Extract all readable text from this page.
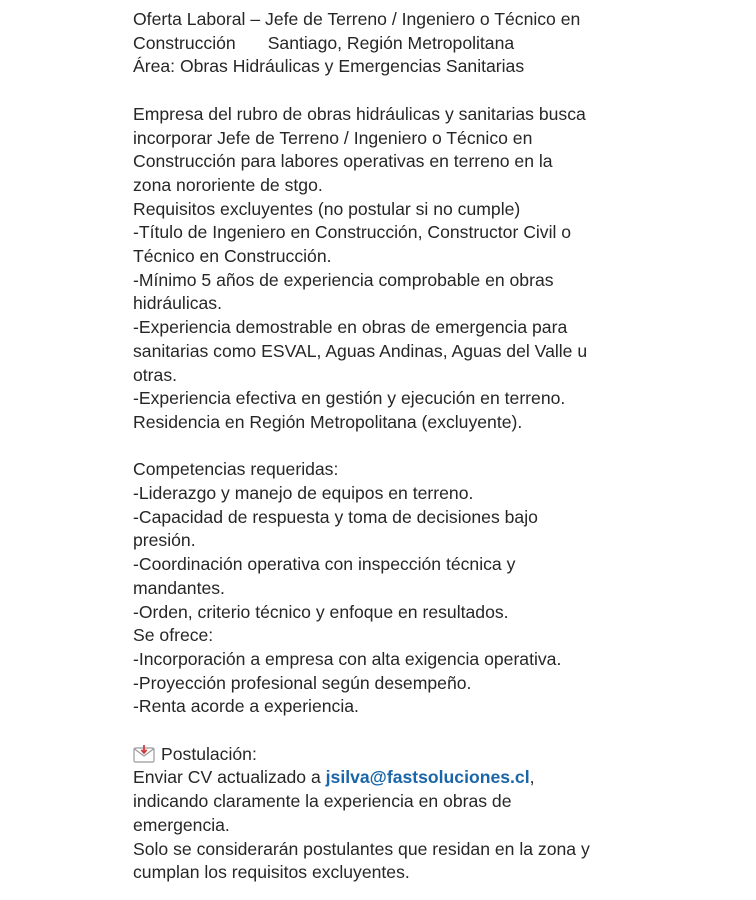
Oferta Laboral – Jefe de Terreno / Ingeniero o Técnico en
Construcción Santiago, Región Metropolitana
Área: Obras Hidráulicas y Emergencias Sanitarias
Empresa del rubro de obras hidráulicas y sanitarias busca
incorporar Jefe de Terreno / Ingeniero o Técnico en
Construcción para labores operativas en terreno en la
zona nororiente de stgo.
Requisitos excluyentes (no postular si no cumple)
-Título de Ingeniero en Construcción, Constructor Civil o
Técnico en Construcción.
-Mínimo 5 años de experiencia comprobable en obras
hidráulicas.
-Experiencia demostrable en obras de emergencia para
sanitarias como ESVAL, Aguas Andinas, Aguas del Valle u
otras.
-Experiencia efectiva en gestión y ejecución en terreno.
Residencia en Región Metropolitana (excluyente).
Competencias requeridas:
-Liderazgo y manejo de equipos en terreno.
-Capacidad de respuesta y toma de decisiones bajo
presión.
-Coordinación operativa con inspección técnica y
mandantes.
-Orden, criterio técnico y enfoque en resultados.
Se ofrece:
-Incorporación a empresa con alta exigencia operativa.
-Proyección profesional según desempeño.
-Renta acorde a experiencia.
Postulación:
Enviar CV actualizado a jsilva@fastsoluciones.cl,
indicando claramente la experiencia en obras de
emergencia.
Solo se considerarán postulantes que residan en la zona y
cumplan los requisitos excluyentes.
